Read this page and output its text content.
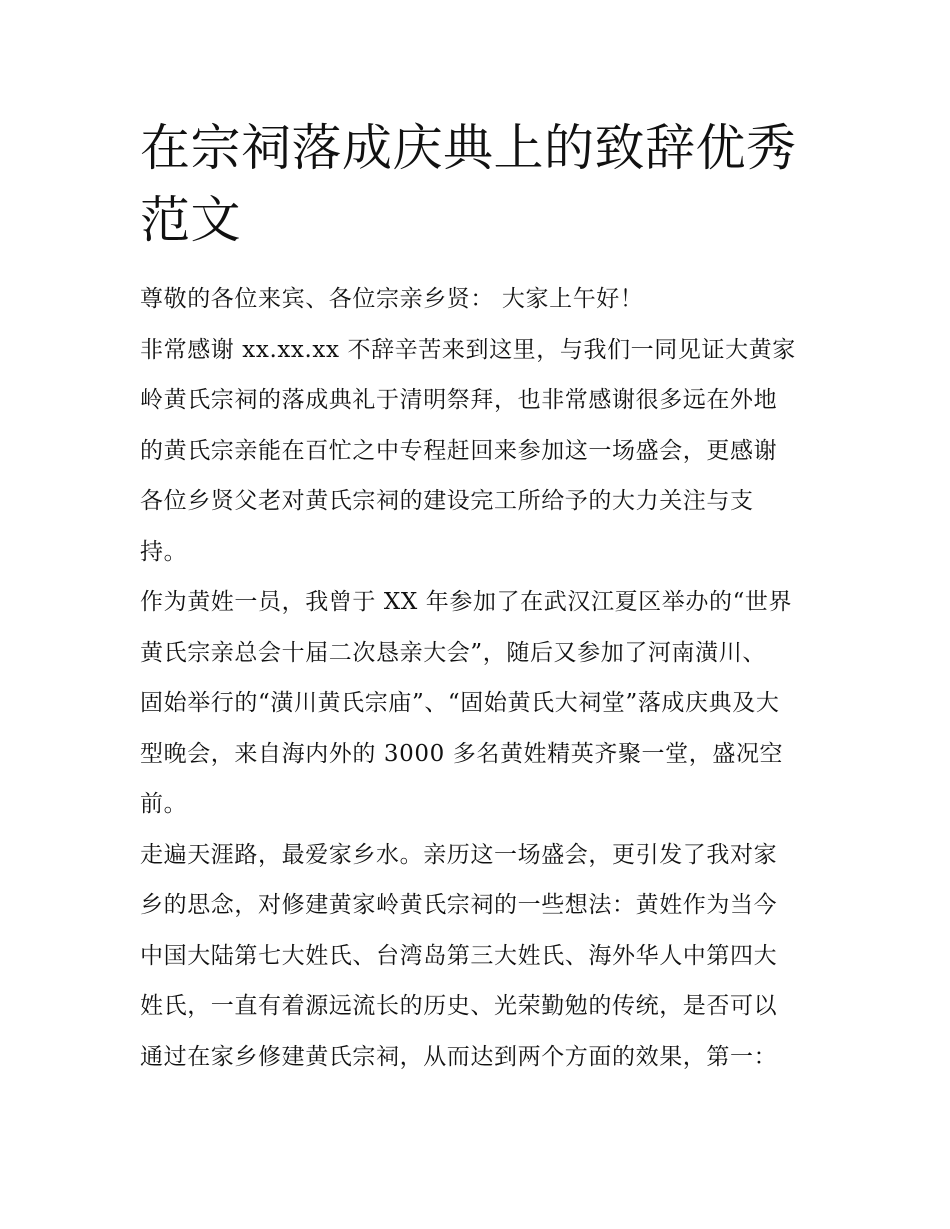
在宗祠落成庆典上的致辞优秀
范文

尊敬的各位来宾、各位宗亲乡贤： 大家上午好！

非常感谢 xx.xx.xx 不辞辛苦来到这里，与我们一同见证大黄家
岭黄氏宗祠的落成典礼于清明祭拜，也非常感谢很多远在外地
的黄氏宗亲能在百忙之中专程赶回来参加这一场盛会，更感谢
各位乡贤父老对黄氏宗祠的建设完工所给予的大力关注与支
持。

作为黄姓一员，我曾于 XX 年参加了在武汉江夏区举办的“世界
黄氏宗亲总会十届二次恳亲大会”，随后又参加了河南潢川、
固始举行的“潢川黄氏宗庙”、“固始黄氏大祠堂”落成庆典及大
型晚会，来自海内外的 3000 多名黄姓精英齐聚一堂，盛况空
前。

走遍天涯路，最爱家乡水。亲历这一场盛会，更引发了我对家
乡的思念，对修建黄家岭黄氏宗祠的一些想法：黄姓作为当今
中国大陆第七大姓氏、台湾岛第三大姓氏、海外华人中第四大
姓氏，一直有着源远流长的历史、光荣勤勉的传统，是否可以
通过在家乡修建黄氏宗祠，从而达到两个方面的效果，第一：
